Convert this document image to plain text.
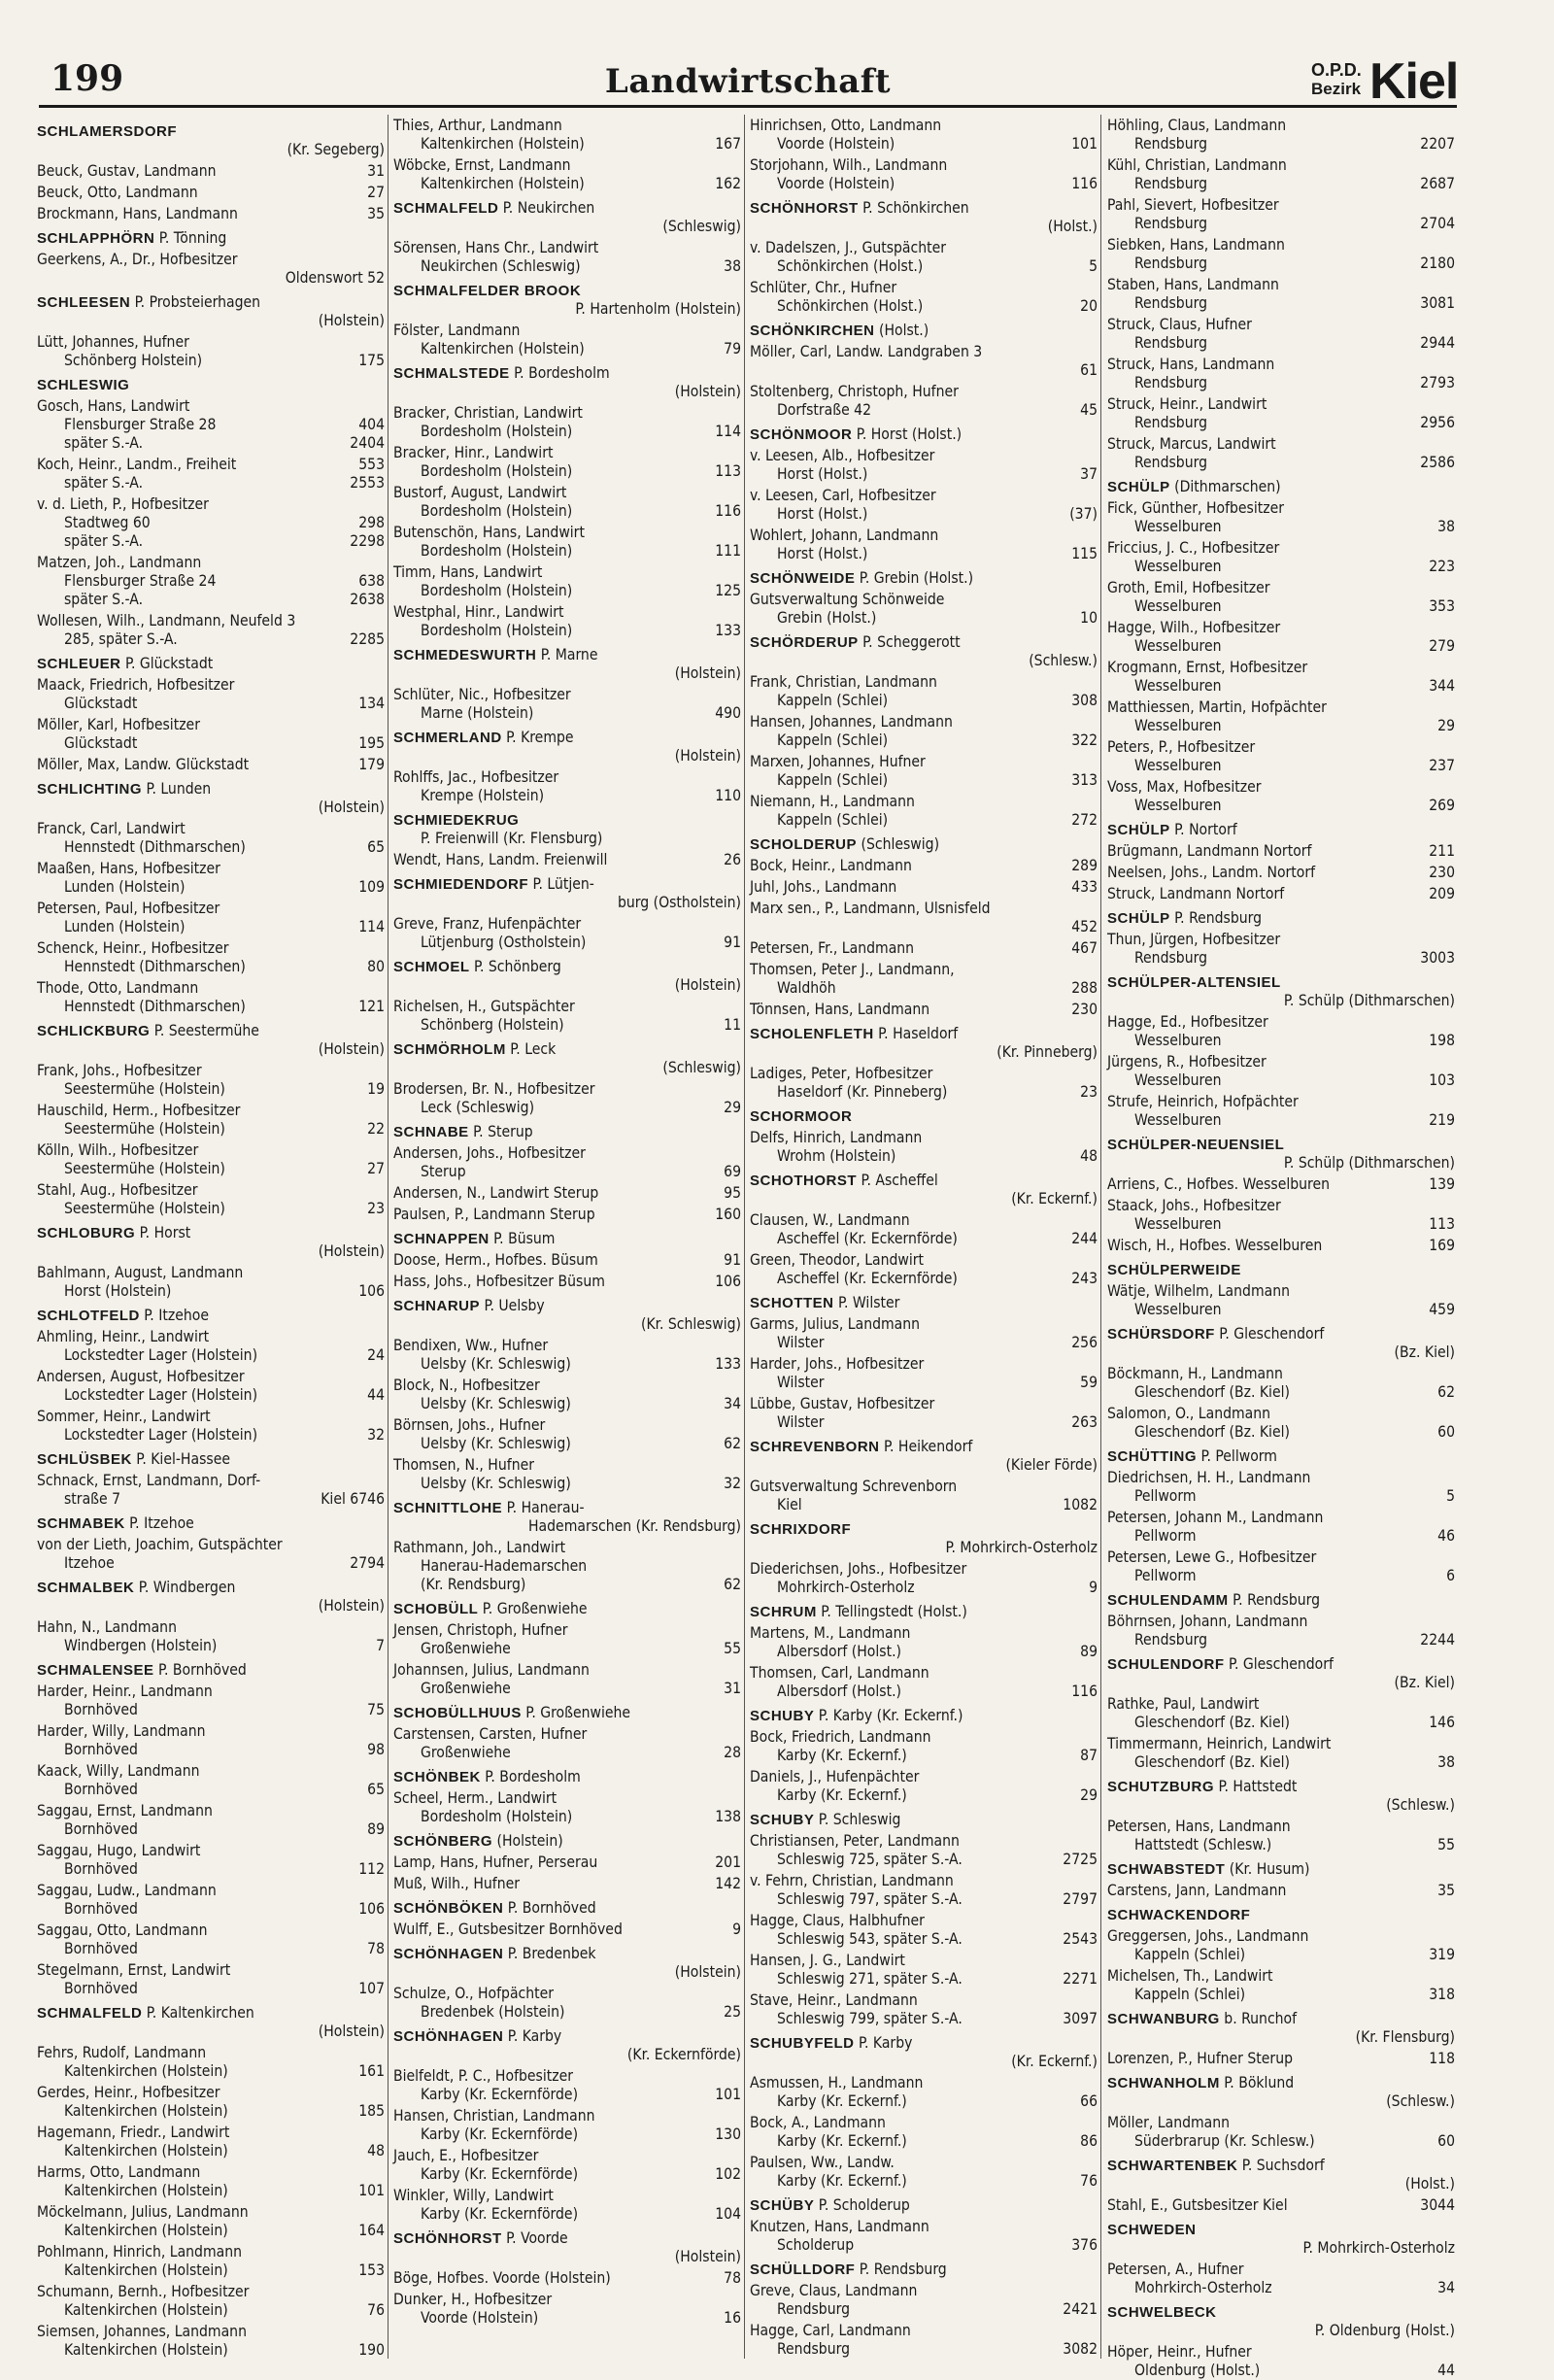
199	Landwirtschaft	O.P.D.
Bezirk Kiel
SCHLAMERSDORF
(Kr. Segeberg)
Beuck, Gustav, Landmann	31
Beuck, Otto, Landmann	27
Brockmann, Hans, Landmann	35
SCHLAPPHÖRN P. Tönning
Geerkens, A., Dr., Hofbesitzer
Oldenswort 52
SCHLEESEN P. Probsteierhagen
(Holstein)
Lütt, Johannes, Hufner
Schönberg Holstein)	175
SCHLESWIG
Gosch, Hans, Landwirt
Flensburger Straße 28	404
später S.-A.	2404
Koch, Heinr., Landm., Freiheit	553
später S.-A.	2553
v. d. Lieth, P., Hofbesitzer
Stadtweg 60	298
später S.-A.	2298
Matzen, Joh., Landmann
Flensburger Straße 24	638
später S.-A.	2638
Wollesen, Wilh., Landmann, Neufeld 3
285, später S.-A.	2285
SCHLEUER P. Glückstadt
Maack, Friedrich, Hofbesitzer
Glückstadt	134
Möller, Karl, Hofbesitzer
Glückstadt	195
Möller, Max, Landw. Glückstadt	179
SCHLICHTING P. Lunden
(Holstein)
Franck, Carl, Landwirt
Hennstedt (Dithmarschen)	65
Maaßen, Hans, Hofbesitzer
Lunden (Holstein)	109
Petersen, Paul, Hofbesitzer
Lunden (Holstein)	114
Schenck, Heinr., Hofbesitzer
Hennstedt (Dithmarschen)	80
Thode, Otto, Landmann
Hennstedt (Dithmarschen)	121
SCHLICKBURG P. Seestermühe
(Holstein)
Frank, Johs., Hofbesitzer
Seestermühe (Holstein)	19
Hauschild, Herm., Hofbesitzer
Seestermühe (Holstein)	22
Kölln, Wilh., Hofbesitzer
Seestermühe (Holstein)	27
Stahl, Aug., Hofbesitzer
Seestermühe (Holstein)	23
SCHLOBURG P. Horst
(Holstein)
Bahlmann, August, Landmann
Horst (Holstein)	106
SCHLOTFELD P. Itzehoe
Ahmling, Heinr., Landwirt
Lockstedter Lager (Holstein)	24
Andersen, August, Hofbesitzer
Lockstedter Lager (Holstein)	44
Sommer, Heinr., Landwirt
Lockstedter Lager (Holstein)	32
SCHLÜSBEK P. Kiel-Hassee
Schnack, Ernst, Landmann, Dorf-
straße 7	Kiel 6746
SCHMABEK P. Itzehoe
von der Lieth, Joachim, Gutspächter
Itzehoe	2794
SCHMALBEK P. Windbergen
(Holstein)
Hahn, N., Landmann
Windbergen (Holstein)	7
SCHMALENSEE P. Bornhöved
Harder, Heinr., Landmann
Bornhöved	75
Harder, Willy, Landmann
Bornhöved	98
Kaack, Willy, Landmann
Bornhöved	65
Saggau, Ernst, Landmann
Bornhöved	89
Saggau, Hugo, Landwirt
Bornhöved	112
Saggau, Ludw., Landmann
Bornhöved	106
Saggau, Otto, Landmann
Bornhöved	78
Stegelmann, Ernst, Landwirt
Bornhöved	107
SCHMALFELD P. Kaltenkirchen
(Holstein)
Fehrs, Rudolf, Landmann
Kaltenkirchen (Holstein)	161
Gerdes, Heinr., Hofbesitzer
Kaltenkirchen (Holstein)	185
Hagemann, Friedr., Landwirt
Kaltenkirchen (Holstein)	48
Harms, Otto, Landmann
Kaltenkirchen (Holstein)	101
Möckelmann, Julius, Landmann
Kaltenkirchen (Holstein)	164
Pohlmann, Hinrich, Landmann
Kaltenkirchen (Holstein)	153
Schumann, Bernh., Hofbesitzer
Kaltenkirchen (Holstein)	76
Siemsen, Johannes, Landmann
Kaltenkirchen (Holstein)	190
Thies, Arthur, Landmann
Kaltenkirchen (Holstein)	167
Wöbcke, Ernst, Landmann
Kaltenkirchen (Holstein)	162
SCHMALFELD P. Neukirchen
(Schleswig)
Sörensen, Hans Chr., Landwirt
Neukirchen (Schleswig)	38
SCHMALFELDER BROOK
P. Hartenholm (Holstein)
Fölster, Landmann
Kaltenkirchen (Holstein)	79
SCHMALSTEDE P. Bordesholm
(Holstein)
Bracker, Christian, Landwirt
Bordesholm (Holstein)	114
Bracker, Hinr., Landwirt
Bordesholm (Holstein)	113
Bustorf, August, Landwirt
Bordesholm (Holstein)	116
Butenschön, Hans, Landwirt
Bordesholm (Holstein)	111
Timm, Hans, Landwirt
Bordesholm (Holstein)	125
Westphal, Hinr., Landwirt
Bordesholm (Holstein)	133
SCHMEDESWURTH P. Marne
(Holstein)
Schlüter, Nic., Hofbesitzer
Marne (Holstein)	490
SCHMERLAND P. Krempe
(Holstein)
Rohlffs, Jac., Hofbesitzer
Krempe (Holstein)	110
SCHMIEDEKRUG
P. Freienwill (Kr. Flensburg)
Wendt, Hans, Landm. Freienwill	26
SCHMIEDENDORF P. Lütjen-
burg (Ostholstein)
Greve, Franz, Hufenpächter
Lütjenburg (Ostholstein)	91
SCHMOEL P. Schönberg
(Holstein)
Richelsen, H., Gutspächter
Schönberg (Holstein)	11
SCHMÖRHOLM P. Leck
(Schleswig)
Brodersen, Br. N., Hofbesitzer
Leck (Schleswig)	29
SCHNABE P. Sterup
Andersen, Johs., Hofbesitzer
Sterup	69
Andersen, N., Landwirt Sterup	95
Paulsen, P., Landmann Sterup	160
SCHNAPPEN P. Büsum
Doose, Herm., Hofbes. Büsum	91
Hass, Johs., Hofbesitzer Büsum	106
SCHNARUP P. Uelsby
(Kr. Schleswig)
Bendixen, Ww., Hufner
Uelsby (Kr. Schleswig)	133
Block, N., Hofbesitzer
Uelsby (Kr. Schleswig)	34
Börnsen, Johs., Hufner
Uelsby (Kr. Schleswig)	62
Thomsen, N., Hufner
Uelsby (Kr. Schleswig)	32
SCHNITTLOHE P. Hanerau-
Hademarschen (Kr. Rendsburg)
Rathmann, Joh., Landwirt
Hanerau-Hademarschen
(Kr. Rendsburg)	62
SCHOBÜLL P. Großenwiehe
Jensen, Christoph, Hufner
Großenwiehe	55
Johannsen, Julius, Landmann
Großenwiehe	31
SCHOBÜLLHUUS P. Großenwiehe
Carstensen, Carsten, Hufner
Großenwiehe	28
SCHÖNBEK P. Bordesholm
Scheel, Herm., Landwirt
Bordesholm (Holstein)	138
SCHÖNBERG (Holstein)
Lamp, Hans, Hufner, Perserau	201
Muß, Wilh., Hufner	142
SCHÖNBÖKEN P. Bornhöved
Wulff, E., Gutsbesitzer Bornhöved	9
SCHÖNHAGEN P. Bredenbek
(Holstein)
Schulze, O., Hofpächter
Bredenbek (Holstein)	25
SCHÖNHAGEN P. Karby
(Kr. Eckernförde)
Bielfeldt, P. C., Hofbesitzer
Karby (Kr. Eckernförde)	101
Hansen, Christian, Landmann
Karby (Kr. Eckernförde)	130
Jauch, E., Hofbesitzer
Karby (Kr. Eckernförde)	102
Winkler, Willy, Landwirt
Karby (Kr. Eckernförde)	104
SCHÖNHORST P. Voorde
(Holstein)
Böge, Hofbes. Voorde (Holstein)	78
Dunker, H., Hofbesitzer
Voorde (Holstein)	16
Hinrichsen, Otto, Landmann
Voorde (Holstein)	101
Storjohann, Wilh., Landmann
Voorde (Holstein)	116
SCHÖNHORST P. Schönkirchen
(Holst.)
v. Dadelszen, J., Gutspächter
Schönkirchen (Holst.)	5
Schlüter, Chr., Hufner
Schönkirchen (Holst.)	20
SCHÖNKIRCHEN (Holst.)
Möller, Carl, Landw. Landgraben 3
61
Stoltenberg, Christoph, Hufner
Dorfstraße 42	45
SCHÖNMOOR P. Horst (Holst.)
v. Leesen, Alb., Hofbesitzer
Horst (Holst.)	37
v. Leesen, Carl, Hofbesitzer
Horst (Holst.)	(37)
Wohlert, Johann, Landmann
Horst (Holst.)	115
SCHÖNWEIDE P. Grebin (Holst.)
Gutsverwaltung Schönweide
Grebin (Holst.)	10
SCHÖRDERUP P. Scheggerott
(Schlesw.)
Frank, Christian, Landmann
Kappeln (Schlei)	308
Hansen, Johannes, Landmann
Kappeln (Schlei)	322
Marxen, Johannes, Hufner
Kappeln (Schlei)	313
Niemann, H., Landmann
Kappeln (Schlei)	272
SCHOLDERUP (Schleswig)
Bock, Heinr., Landmann	289
Juhl, Johs., Landmann	433
Marx sen., P., Landmann, Ulsnisfeld
452
Petersen, Fr., Landmann	467
Thomsen, Peter J., Landmann,
Waldhöh	288
Tönnsen, Hans, Landmann	230
SCHOLENFLETH P. Haseldorf
(Kr. Pinneberg)
Ladiges, Peter, Hofbesitzer
Haseldorf (Kr. Pinneberg)	23
SCHORMOOR
Delfs, Hinrich, Landmann
Wrohm (Holstein)	48
SCHOTHORST P. Ascheffel
(Kr. Eckernf.)
Clausen, W., Landmann
Ascheffel (Kr. Eckernförde)	244
Green, Theodor, Landwirt
Ascheffel (Kr. Eckernförde)	243
SCHOTTEN P. Wilster
Garms, Julius, Landmann
Wilster	256
Harder, Johs., Hofbesitzer
Wilster	59
Lübbe, Gustav, Hofbesitzer
Wilster	263
SCHREVENBORN P. Heikendorf
(Kieler Förde)
Gutsverwaltung Schrevenborn
Kiel	1082
SCHRIXDORF
P. Mohrkirch-Osterholz
Diederichsen, Johs., Hofbesitzer
Mohrkirch-Osterholz	9
SCHRUM P. Tellingstedt (Holst.)
Martens, M., Landmann
Albersdorf (Holst.)	89
Thomsen, Carl, Landmann
Albersdorf (Holst.)	116
SCHUBY P. Karby (Kr. Eckernf.)
Bock, Friedrich, Landmann
Karby (Kr. Eckernf.)	87
Daniels, J., Hufenpächter
Karby (Kr. Eckernf.)	29
SCHUBY P. Schleswig
Christiansen, Peter, Landmann
Schleswig 725, später S.-A.	2725
v. Fehrn, Christian, Landmann
Schleswig 797, später S.-A.	2797
Hagge, Claus, Halbhufner
Schleswig 543, später S.-A.	2543
Hansen, J. G., Landwirt
Schleswig 271, später S.-A.	2271
Stave, Heinr., Landmann
Schleswig 799, später S.-A.	3097
SCHUBYFELD P. Karby
(Kr. Eckernf.)
Asmussen, H., Landmann
Karby (Kr. Eckernf.)	66
Bock, A., Landmann
Karby (Kr. Eckernf.)	86
Paulsen, Ww., Landw.
Karby (Kr. Eckernf.)	76
SCHÜBY P. Scholderup
Knutzen, Hans, Landmann
Scholderup	376
SCHÜLLDORF P. Rendsburg
Greve, Claus, Landmann
Rendsburg	2421
Hagge, Carl, Landmann
Rendsburg	3082
Höhling, Claus, Landmann
Rendsburg	2207
Kühl, Christian, Landmann
Rendsburg	2687
Pahl, Sievert, Hofbesitzer
Rendsburg	2704
Siebken, Hans, Landmann
Rendsburg	2180
Staben, Hans, Landmann
Rendsburg	3081
Struck, Claus, Hufner
Rendsburg	2944
Struck, Hans, Landmann
Rendsburg	2793
Struck, Heinr., Landwirt
Rendsburg	2956
Struck, Marcus, Landwirt
Rendsburg	2586
SCHÜLP (Dithmarschen)
Fick, Günther, Hofbesitzer
Wesselburen	38
Friccius, J. C., Hofbesitzer
Wesselburen	223
Groth, Emil, Hofbesitzer
Wesselburen	353
Hagge, Wilh., Hofbesitzer
Wesselburen	279
Krogmann, Ernst, Hofbesitzer
Wesselburen	344
Matthiessen, Martin, Hofpächter
Wesselburen	29
Peters, P., Hofbesitzer
Wesselburen	237
Voss, Max, Hofbesitzer
Wesselburen	269
SCHÜLP P. Nortorf
Brügmann, Landmann Nortorf	211
Neelsen, Johs., Landm. Nortorf	230
Struck, Landmann Nortorf	209
SCHÜLP P. Rendsburg
Thun, Jürgen, Hofbesitzer
Rendsburg	3003
SCHÜLPER-ALTENSIEL
P. Schülp (Dithmarschen)
Hagge, Ed., Hofbesitzer
Wesselburen	198
Jürgens, R., Hofbesitzer
Wesselburen	103
Strufe, Heinrich, Hofpächter
Wesselburen	219
SCHÜLPER-NEUENSIEL
P. Schülp (Dithmarschen)
Arriens, C., Hofbes. Wesselburen	139
Staack, Johs., Hofbesitzer
Wesselburen	113
Wisch, H., Hofbes. Wesselburen	169
SCHÜLPERWEIDE
Wätje, Wilhelm, Landmann
Wesselburen	459
SCHÜRSDORF P. Gleschendorf
(Bz. Kiel)
Böckmann, H., Landmann
Gleschendorf (Bz. Kiel)	62
Salomon, O., Landmann
Gleschendorf (Bz. Kiel)	60
SCHÜTTING P. Pellworm
Diedrichsen, H. H., Landmann
Pellworm	5
Petersen, Johann M., Landmann
Pellworm	46
Petersen, Lewe G., Hofbesitzer
Pellworm	6
SCHULENDAMM P. Rendsburg
Böhrnsen, Johann, Landmann
Rendsburg	2244
SCHULENDORF P. Gleschendorf
(Bz. Kiel)
Rathke, Paul, Landwirt
Gleschendorf (Bz. Kiel)	146
Timmermann, Heinrich, Landwirt
Gleschendorf (Bz. Kiel)	38
SCHUTZBURG P. Hattstedt
(Schlesw.)
Petersen, Hans, Landmann
Hattstedt (Schlesw.)	55
SCHWABSTEDT (Kr. Husum)
Carstens, Jann, Landmann	35
SCHWACKENDORF
Greggersen, Johs., Landmann
Kappeln (Schlei)	319
Michelsen, Th., Landwirt
Kappeln (Schlei)	318
SCHWANBURG b. Runchof
(Kr. Flensburg)
Lorenzen, P., Hufner Sterup	118
SCHWANHOLM P. Böklund
(Schlesw.)
Möller, Landmann
Süderbrarup (Kr. Schlesw.)	60
SCHWARTENBEK P. Suchsdorf
(Holst.)
Stahl, E., Gutsbesitzer Kiel	3044
SCHWEDEN
P. Mohrkirch-Osterholz
Petersen, A., Hufner
Mohrkirch-Osterholz	34
SCHWELBECK
P. Oldenburg (Holst.)
Höper, Heinr., Hufner
Oldenburg (Holst.)	44
